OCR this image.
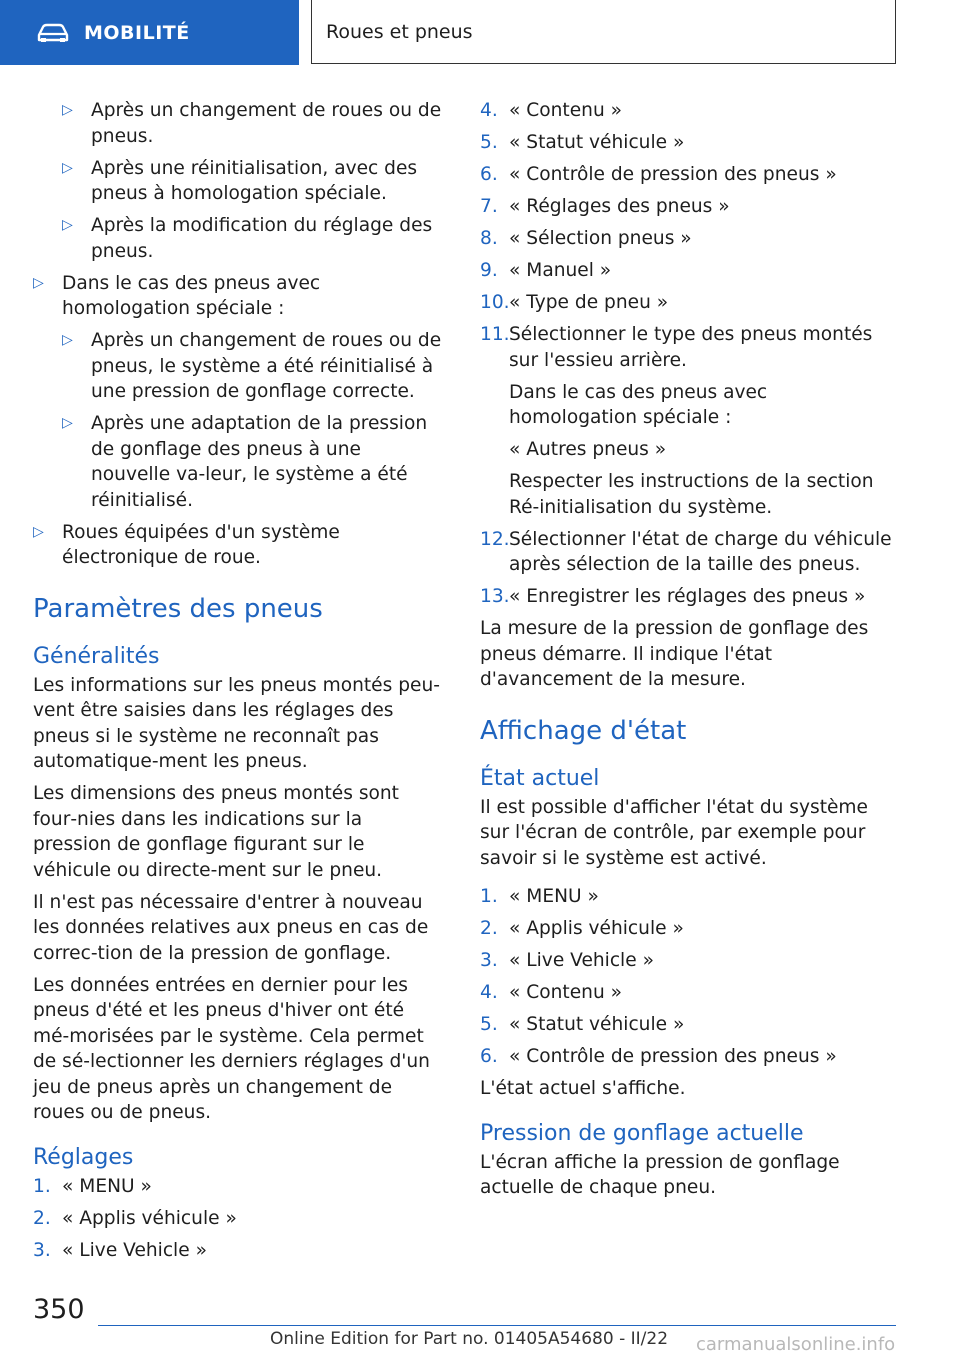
MOBILITÉ	Roues et pneus
▷ Après un changement de roues ou de pneus.
▷ Après une réinitialisation, avec des pneus à homologation spéciale.
▷ Après la modification du réglage des pneus.
▷ Dans le cas des pneus avec homologation spéciale :
▷ Après un changement de roues ou de pneus, le système a été réinitialisé à une pression de gonflage correcte.
▷ Après une adaptation de la pression de gonflage des pneus à une nouvelle va‐leur, le système a été réinitialisé.
▷ Roues équipées d'un système électronique de roue.
Paramètres des pneus
Généralités

Les informations sur les pneus montés peu‐vent être saisies dans les réglages des pneus si le système ne reconnaît pas automatique‐ment les pneus.

Les dimensions des pneus montés sont four‐nies dans les indications sur la pression de gonflage figurant sur le véhicule ou directe‐ment sur le pneu.

Il n'est pas nécessaire d'entrer à nouveau les données relatives aux pneus en cas de correc‐tion de la pression de gonflage.

Les données entrées en dernier pour les pneus d'été et les pneus d'hiver ont été mé‐morisées par le système. Cela permet de sé‐lectionner les derniers réglages d'un jeu de pneus après un changement de roues ou de pneus.

Réglages
1. « MENU »
2. « Applis véhicule »
3. « Live Vehicle »
4. « Contenu »
5. « Statut véhicule »
6. « Contrôle de pression des pneus »
7. « Réglages des pneus »
8. « Sélection pneus »
9. « Manuel »
10. « Type de pneu »
11. Sélectionner le type des pneus montés sur l'essieu arrière.
Dans le cas des pneus avec homologation spéciale :
« Autres pneus »
Respecter les instructions de la section Ré‐initialisation du système.
12. Sélectionner l'état de charge du véhicule après sélection de la taille des pneus.
13. « Enregistrer les réglages des pneus »

La mesure de la pression de gonflage des pneus démarre. Il indique l'état d'avancement de la mesure.

Affichage d'état
État actuel

Il est possible d'afficher l'état du système sur l'écran de contrôle, par exemple pour savoir si le système est activé.

1. « MENU »
2. « Applis véhicule »
3. « Live Vehicle »
4. « Contenu »
5. « Statut véhicule »
6. « Contrôle de pression des pneus »

L'état actuel s'affiche.

Pression de gonflage actuelle

L'écran affiche la pression de gonflage actuelle de chaque pneu.

350
Online Edition for Part no. 01405A54680 - II/22 carmanualsonline.info
